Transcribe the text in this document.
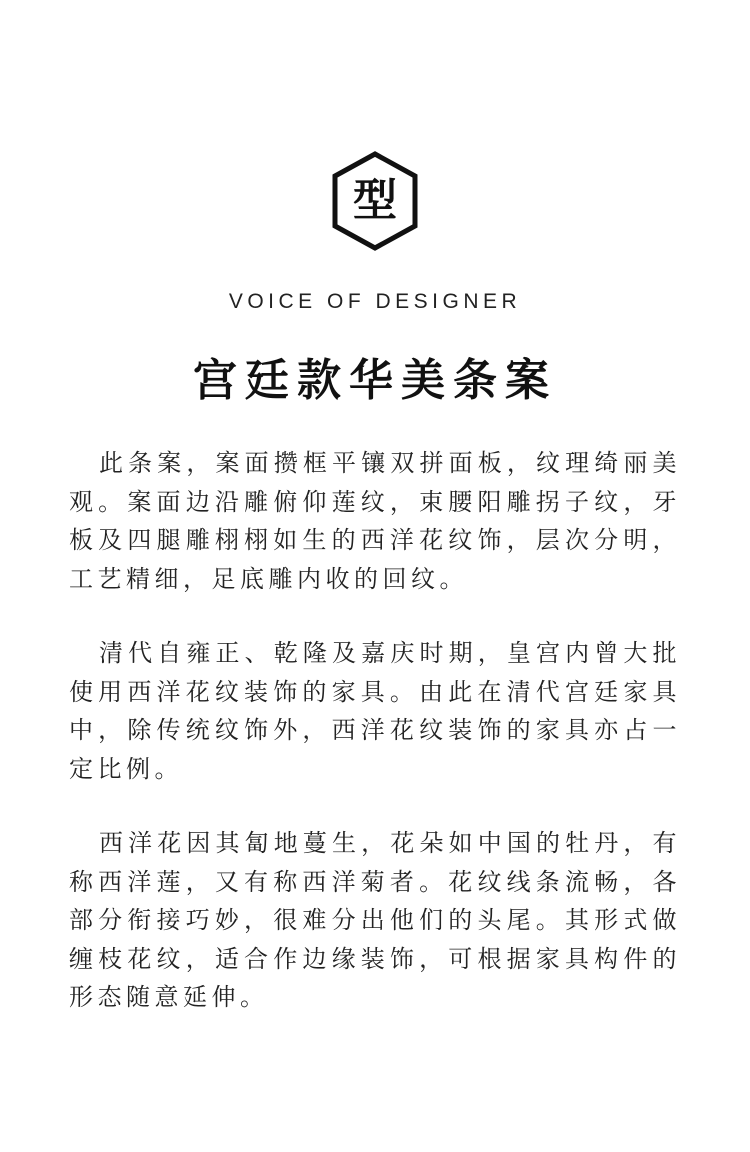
型
VOICE OF DESIGNER
宫廷款华美条案

此条案，案面攒框平镶双拼面板，纹理绮丽美观。案面边沿雕俯仰莲纹，束腰阳雕拐子纹，牙板及四腿雕栩栩如生的西洋花纹饰，层次分明，工艺精细，足底雕内收的回纹。

清代自雍正、乾隆及嘉庆时期，皇宫内曾大批使用西洋花纹装饰的家具。由此在清代宫廷家具中，除传统纹饰外，西洋花纹装饰的家具亦占一定比例。

西洋花因其匐地蔓生，花朵如中国的牡丹，有称西洋莲，又有称西洋菊者。花纹线条流畅，各部分衔接巧妙，很难分出他们的头尾。其形式做缠枝花纹，适合作边缘装饰，可根据家具构件的形态随意延伸。
